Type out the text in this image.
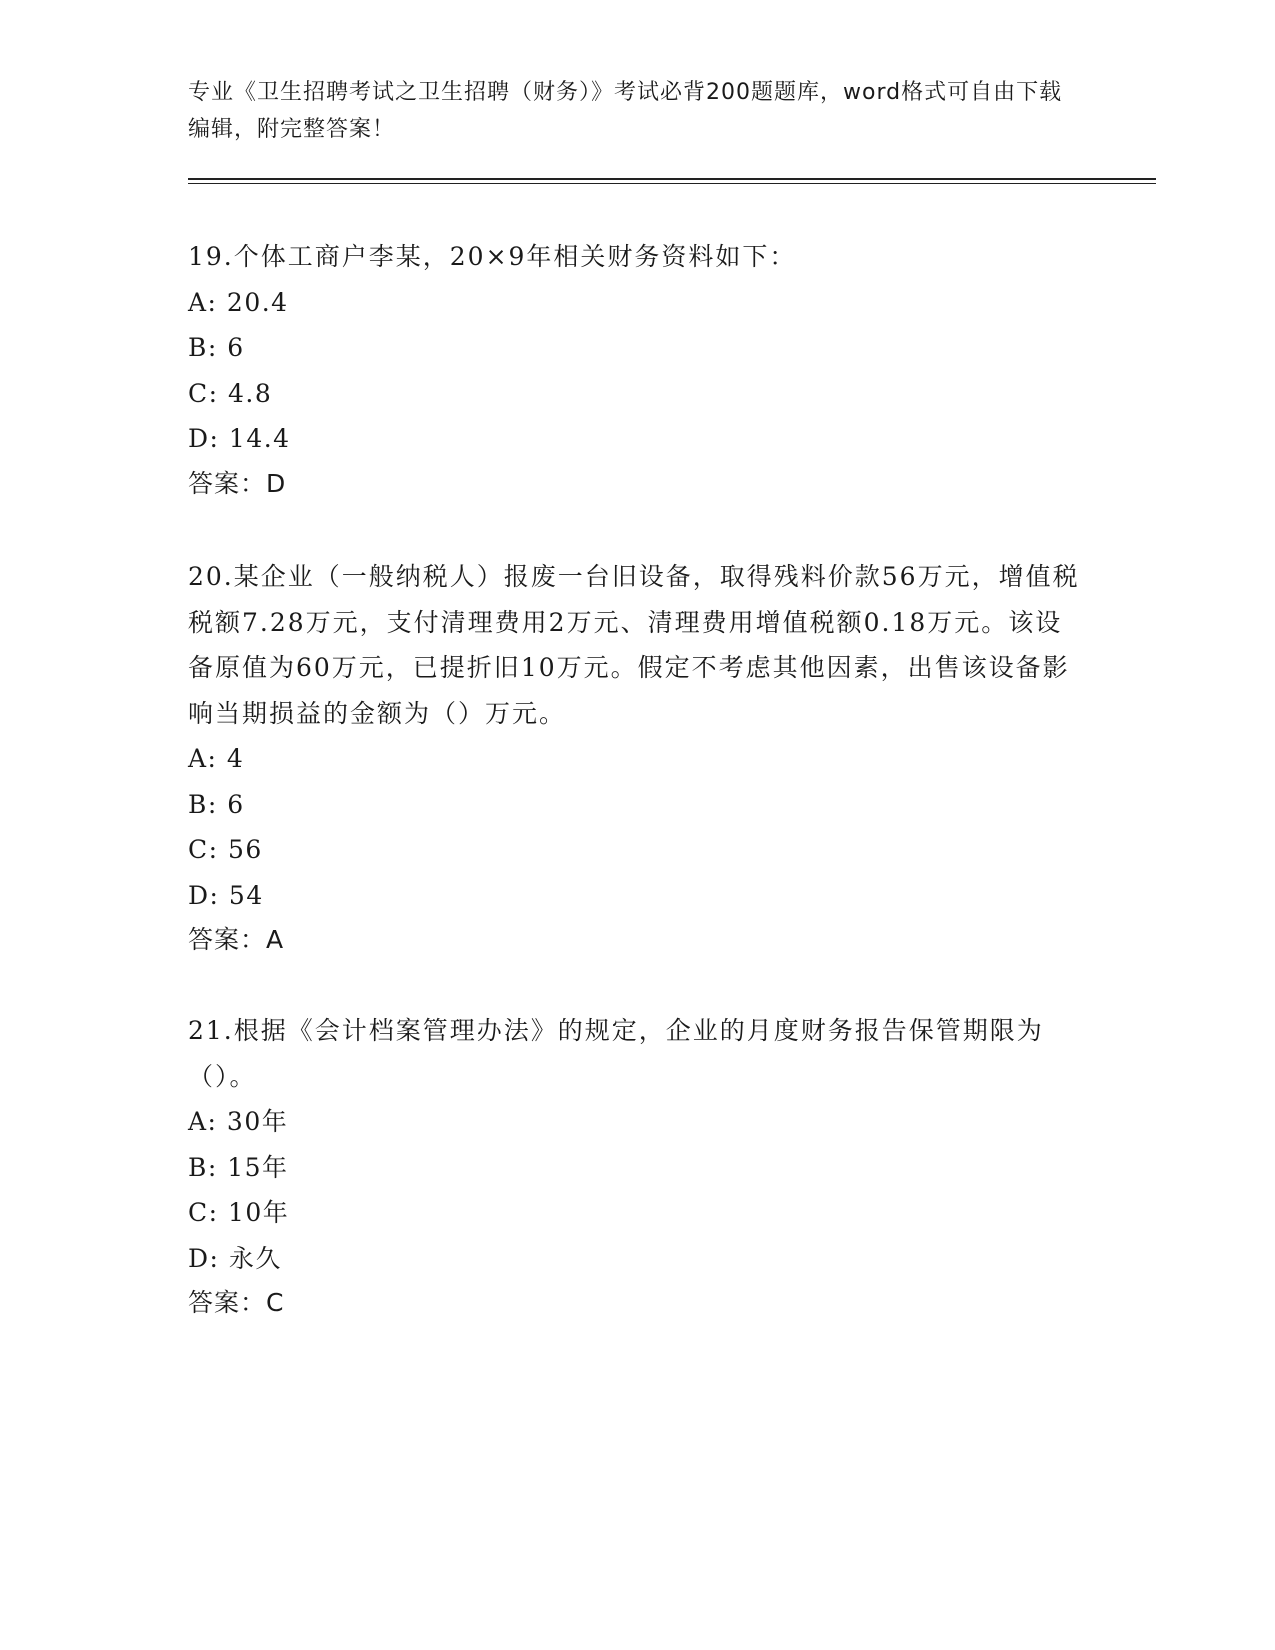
专业《卫生招聘考试之卫生招聘（财务）》考试必背200题题库，word格式可自由下载编辑，附完整答案！

19.个体工商户李某，20×9年相关财务资料如下：

A: 20.4

B: 6

C: 4.8

D: 14.4

答案：D

20.某企业（一般纳税人）报废一台旧设备，取得残料价款56万元，增值税税额7.28万元，支付清理费用2万元、清理费用增值税额0.18万元。该设备原值为60万元，已提折旧10万元。假定不考虑其他因素，出售该设备影响当期损益的金额为（）万元。

A: 4

B: 6

C: 56

D: 54

答案：A

21.根据《会计档案管理办法》的规定，企业的月度财务报告保管期限为（）。

A: 30年

B: 15年

C: 10年

D: 永久

答案：C
